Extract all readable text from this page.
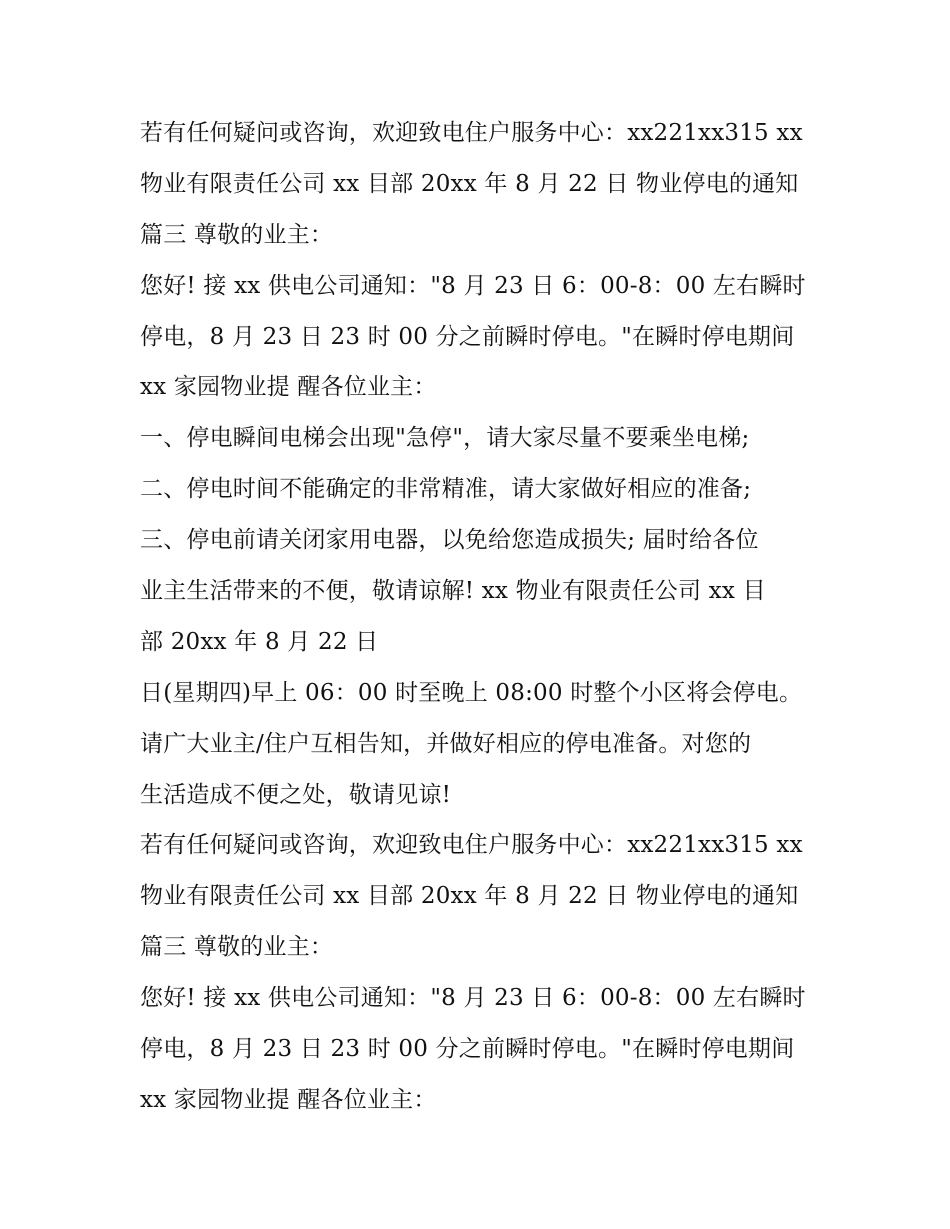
若有任何疑问或咨询，欢迎致电住户服务中心：xx221xx315 xx
物业有限责任公司 xx 目部 20xx 年 8 月 22 日 物业停电的通知
篇三 尊敬的业主：
您好! 接 xx 供电公司通知："8 月 23 日 6：00-8：00 左右瞬时
停电，8 月 23 日 23 时 00 分之前瞬时停电。"在瞬时停电期间
xx 家园物业提 醒各位业主：
一、停电瞬间电梯会出现"急停"，请大家尽量不要乘坐电梯;
二、停电时间不能确定的非常精准，请大家做好相应的准备;
三、停电前请关闭家用电器，以免给您造成损失; 届时给各位
业主生活带来的不便，敬请谅解! xx 物业有限责任公司 xx 目
部 20xx 年 8 月 22 日
日(星期四)早上 06：00 时至晚上 08:00 时整个小区将会停电。
请广大业主/住户互相告知，并做好相应的停电准备。对您的
生活造成不便之处，敬请见谅!
若有任何疑问或咨询，欢迎致电住户服务中心：xx221xx315 xx
物业有限责任公司 xx 目部 20xx 年 8 月 22 日 物业停电的通知
篇三 尊敬的业主：
您好! 接 xx 供电公司通知："8 月 23 日 6：00-8：00 左右瞬时
停电，8 月 23 日 23 时 00 分之前瞬时停电。"在瞬时停电期间
xx 家园物业提 醒各位业主：
